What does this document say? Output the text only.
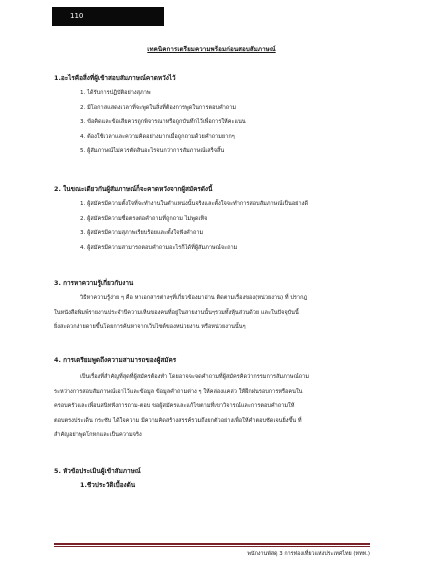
110
เทคนิคการเตรียมความพร้อมก่อนสอบสัมภาษณ์
1.อะไรคือสิ่งที่ผู้เข้าสอบสัมภาษณ์คาดหวังไว้
1. ได้รับการปฏิบัติอย่างสุภาพ
2. มีโอกาสแสดงเวลาที่จะพูดในสิ่งที่ต้องการพูดในการตอบคำถาม
3. ข้อคิดและข้อเสียควรถูกพิจารณาหรือถูกบันทึกไว้เพื่อการให้คะแนน
4. ต้องใช้เวลาและความคิดอย่างมากเมื่อถูกถามด้วยคำถามยากๆ
5. ผู้สัมภาษณ์ไม่ควรตัดสินอะไรจนกว่าการสัมภาษณ์เสร็จสิ้น
2. ในขณะเดียวกันผู้สัมภาษณ์ก็จะคาดหวังจากผู้สมัครดังนี้
1. ผู้สมัครมีความตั้งใจที่จะทำงานในตำแหน่งนั้นจริงและตั้งใจจะทำการสอบสัมภาษณ์เป็นอย่างดี
2. ผู้สมัครมีความซื่อตรงต่อคำถามที่ถูกถาม ไม่พูดเท็จ
3. ผู้สมัครมีความสุภาพเรียบร้อยและตั้งใจฟังคำถาม
4. ผู้สมัครมีความสามารถตอบคำถามอะไรก็ได้ที่ผู้สัมภาษณ์จะถาม
3. การหาความรู้เกี่ยวกับงาน

วิธีหาความรู้ง่าย ๆ คือ หาเอกสารต่างๆที่เกี่ยวข้องมาอ่าน ติดตามเรื่องของ(หน่วยงาน) ที่ ปรากฎ
ในหนังสือพิมพ์รายงานประจำปีความเห็นของคนที่อยู่ในสายงานนั้นๆรวมทั้งหุ้นส่วนด้วย และในปัจจุบันนี้
ยิ่งสะดวกง่ายดายขึ้นโดยการค้นหาจากเว็บไซต์ของหน่วยงาน หรือหน่วยงานนั้นๆ

4. การเตรียมพูดถึงความสามารถของผู้สมัคร

เป็นเรื่องที่สำคัญที่สุดที่ผู้สมัครต้องทำ โดยอาจจะจดคำถามที่ผู้สมัครคิดว่ากรรมการสัมภาษณ์ถาม
ระหว่างการสอบสัมภาษณ์เอาไว้และข้อมูล ข้อมูลคำถามต่าง ๆ ให้คล่องแคล่ว ให้ฝึกฝนรอบการหรือคนใน
ครอบครัวและเพื่อนสนิทฟังการถาม-ตอบ ขอผู้สมัครและแก้ไขตามที่เขาวิจารณ์และการตอบคำถามให้
ตอบตรงประเด็น กระชับ ได้ใจความ มีความคิดสร้างสรรค์รวมถึงยกตัวอย่างเพื่อให้คำตอบชัดเจนยิ่งขึ้น ที่
สำคัญอย่าพูดโกหกและเป็นความจริง

5. หัวข้อประเมินผู้เข้าสัมภาษณ์
1.ชีวประวัติเบื้องต้น
พนักงานพัสดุ 3 การท่องเที่ยวแห่งประเทศไทย (ททท.)
